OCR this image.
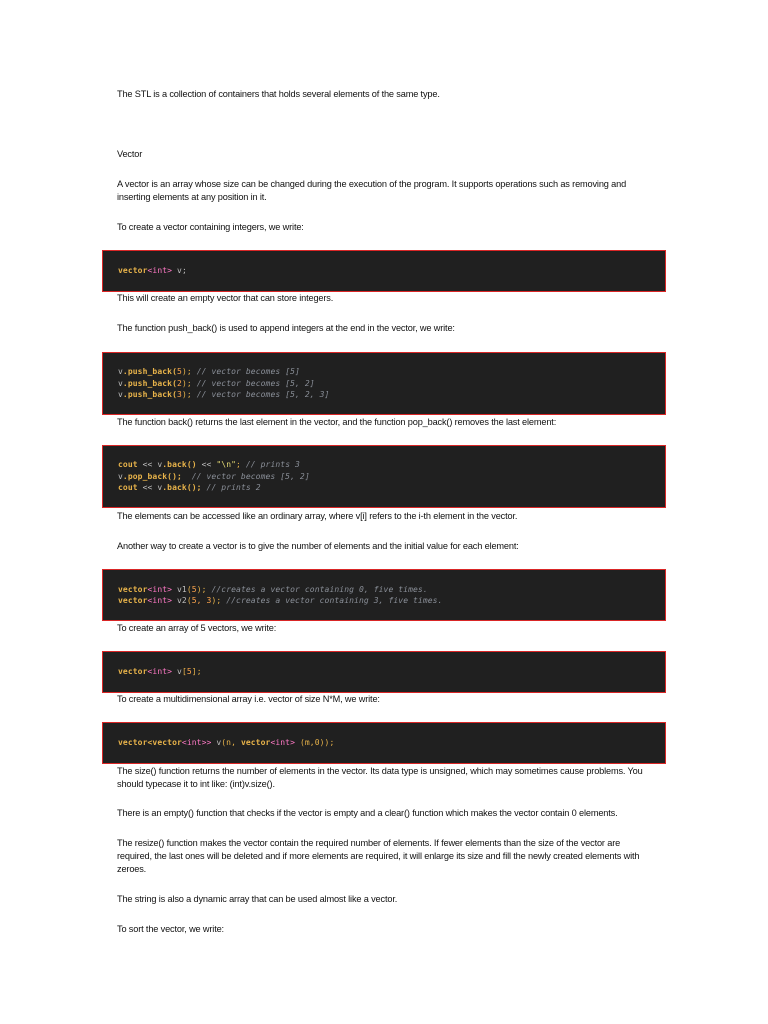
The STL is a collection of containers that holds several elements of the same type.

Vector

A vector is an array whose size can be changed during the execution of the program. It supports operations such as removing and inserting elements at any position in it.

To create a vector containing integers, we write:

vector<int> v;

This will create an empty vector that can store integers.

The function push_back() is used to append integers at the end in the vector, we write:

v.push_back(5); // vector becomes [5]
v.push_back(2); // vector becomes [5, 2]
v.push_back(3); // vector becomes [5, 2, 3]

The function back() returns the last element in the vector, and the function pop_back() removes the last element:

cout << v.back() << "\n"; // prints 3
v.pop_back();  // vector becomes [5, 2]
cout << v.back(); // prints 2

The elements can be accessed like an ordinary array, where v[i] refers to the i-th element in the vector.

Another way to create a vector is to give the number of elements and the initial value for each element:

vector<int> v1(5); //creates a vector containing 0, five times.
vector<int> v2(5, 3); //creates a vector containing 3, five times.

To create an array of 5 vectors, we write:

vector<int> v[5];

To create a multidimensional array i.e. vector of size N*M, we write:

vector<vector<int>> v(n, vector<int> (m,0));

The size() function returns the number of elements in the vector. Its data type is unsigned, which may sometimes cause problems. You should typecase it to int like: (int)v.size().

There is an empty() function that checks if the vector is empty and a clear() function which makes the vector contain 0 elements.

The resize() function makes the vector contain the required number of elements. If fewer elements than the size of the vector are required, the last ones will be deleted and if more elements are required, it will enlarge its size and fill the newly created elements with zeroes.

The string is also a dynamic array that can be used almost like a vector.

To sort the vector, we write:
